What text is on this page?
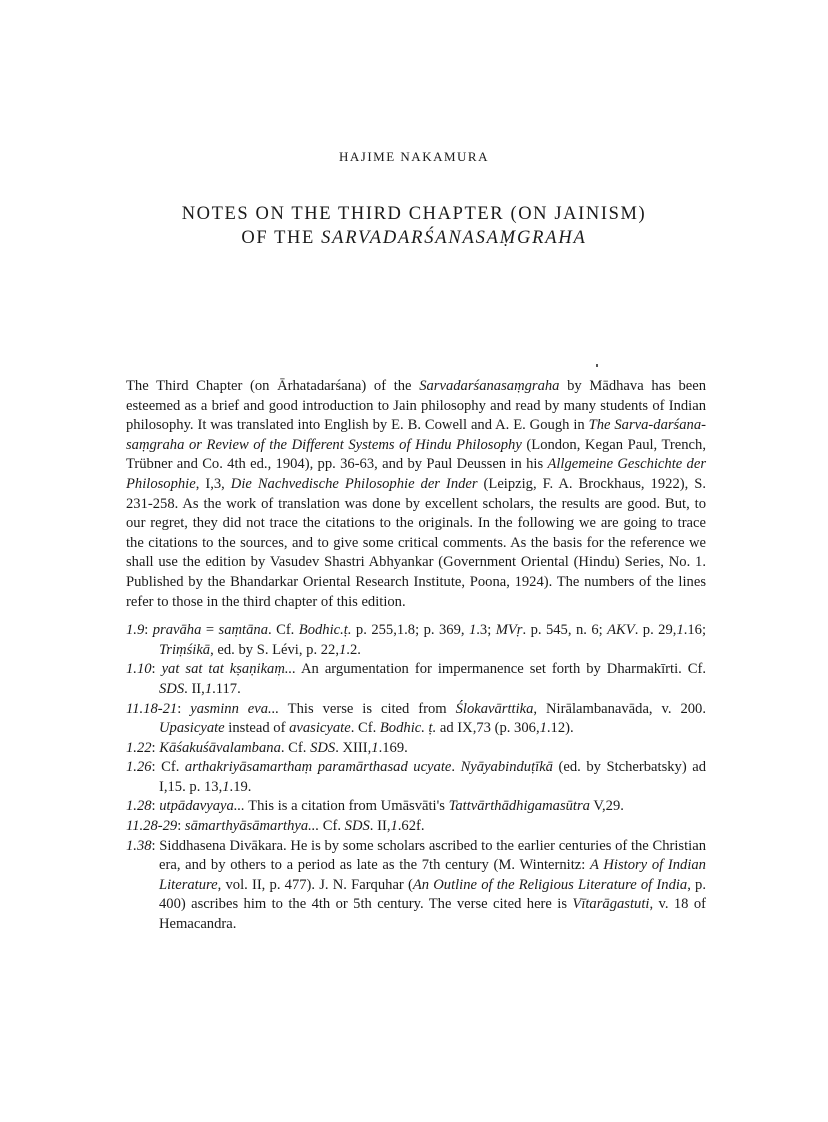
HAJIME NAKAMURA
NOTES ON THE THIRD CHAPTER (ON JAINISM)
OF THE SARVADARŚANASAṂGRAHA

The Third Chapter (on Ārhatadarśana) of the Sarvadarśanasaṃgraha by Mādhava has been esteemed as a brief and good introduction to Jain philosophy and read by many students of Indian philosophy. It was translated into English by E. B. Cowell and A. E. Gough in The Sarva-darśana-saṃgraha or Review of the Different Systems of Hindu Philosophy (London, Kegan Paul, Trench, Trübner and Co. 4th ed., 1904), pp. 36-63, and by Paul Deussen in his Allgemeine Geschichte der Philosophie, I,3, Die Nachvedische Philosophie der Inder (Leipzig, F. A. Brockhaus, 1922), S. 231-258. As the work of translation was done by excellent scholars, the results are good. But, to our regret, they did not trace the citations to the originals. In the following we are going to trace the citations to the sources, and to give some critical comments. As the basis for the reference we shall use the edition by Vasudev Shastri Abhyankar (Government Oriental (Hindu) Series, No. 1. Published by the Bhandarkar Oriental Research Institute, Poona, 1924). The numbers of the lines refer to those in the third chapter of this edition.

1.9: pravāha = saṃtāna. Cf. Bodhic.ṭ. p. 255,1.8; p. 369, 1.3; MVṛ. p. 545, n. 6; AKV. p. 29,1.16; Triṃśikā, ed. by S. Lévi, p. 22,1.2.

1.10: yat sat tat kṣaṇikaṃ... An argumentation for impermanence set forth by Dharmakīrti. Cf. SDS. II,1.117.

11.18-21: yasminn eva... This verse is cited from Ślokavārttika, Nirālambanavāda, v. 200. Upasicyate instead of avasicyate. Cf. Bodhic. ṭ. ad IX,73 (p. 306,1.12).

1.22: Kāśakuśāvalambana. Cf. SDS. XIII,1.169.

1.26: Cf. arthakriyāsamarthaṃ paramārthasad ucyate. Nyāyabinduṭīkā (ed. by Stcherbatsky) ad I,15. p. 13,1.19.

1.28: utpādavyaya... This is a citation from Umāsvāti's Tattvārthādhigamasūtra V,29.

11.28-29: sāmarthyāsāmarthya... Cf. SDS. II,1.62f.

1.38: Siddhasena Divākara. He is by some scholars ascribed to the earlier centuries of the Christian era, and by others to a period as late as the 7th century (M. Winternitz: A History of Indian Literature, vol. II, p. 477). J. N. Farquhar (An Outline of the Religious Literature of India, p. 400) ascribes him to the 4th or 5th century. The verse cited here is Vītarāgastuti, v. 18 of Hemacandra.
